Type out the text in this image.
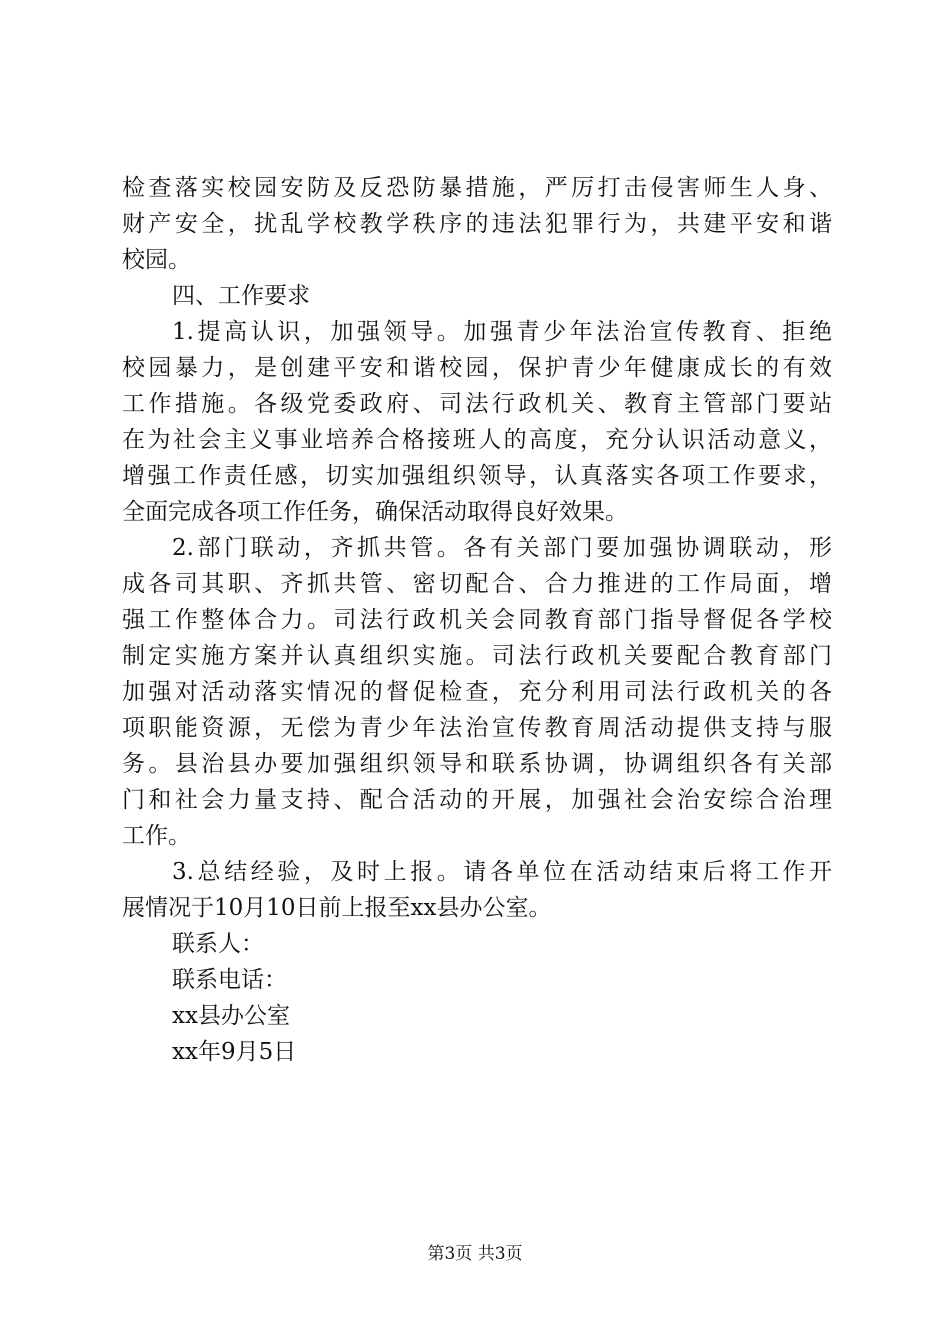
检查落实校园安防及反恐防暴措施，严厉打击侵害师生人身、
财产安全，扰乱学校教学秩序的违法犯罪行为，共建平安和谐
校园。
四、工作要求
1.提高认识，加强领导。加强青少年法治宣传教育、拒绝
校园暴力，是创建平安和谐校园，保护青少年健康成长的有效
工作措施。各级党委政府、司法行政机关、教育主管部门要站
在为社会主义事业培养合格接班人的高度，充分认识活动意义，
增强工作责任感，切实加强组织领导，认真落实各项工作要求，
全面完成各项工作任务，确保活动取得良好效果。
2.部门联动，齐抓共管。各有关部门要加强协调联动，形
成各司其职、齐抓共管、密切配合、合力推进的工作局面，增
强工作整体合力。司法行政机关会同教育部门指导督促各学校
制定实施方案并认真组织实施。司法行政机关要配合教育部门
加强对活动落实情况的督促检查，充分利用司法行政机关的各
项职能资源，无偿为青少年法治宣传教育周活动提供支持与服
务。县治县办要加强组织领导和联系协调，协调组织各有关部
门和社会力量支持、配合活动的开展，加强社会治安综合治理
工作。
3.总结经验，及时上报。请各单位在活动结束后将工作开
展情况于10月10日前上报至xx县办公室。
联系人：
联系电话：
xx县办公室
xx年9月5日
第3页 共3页
